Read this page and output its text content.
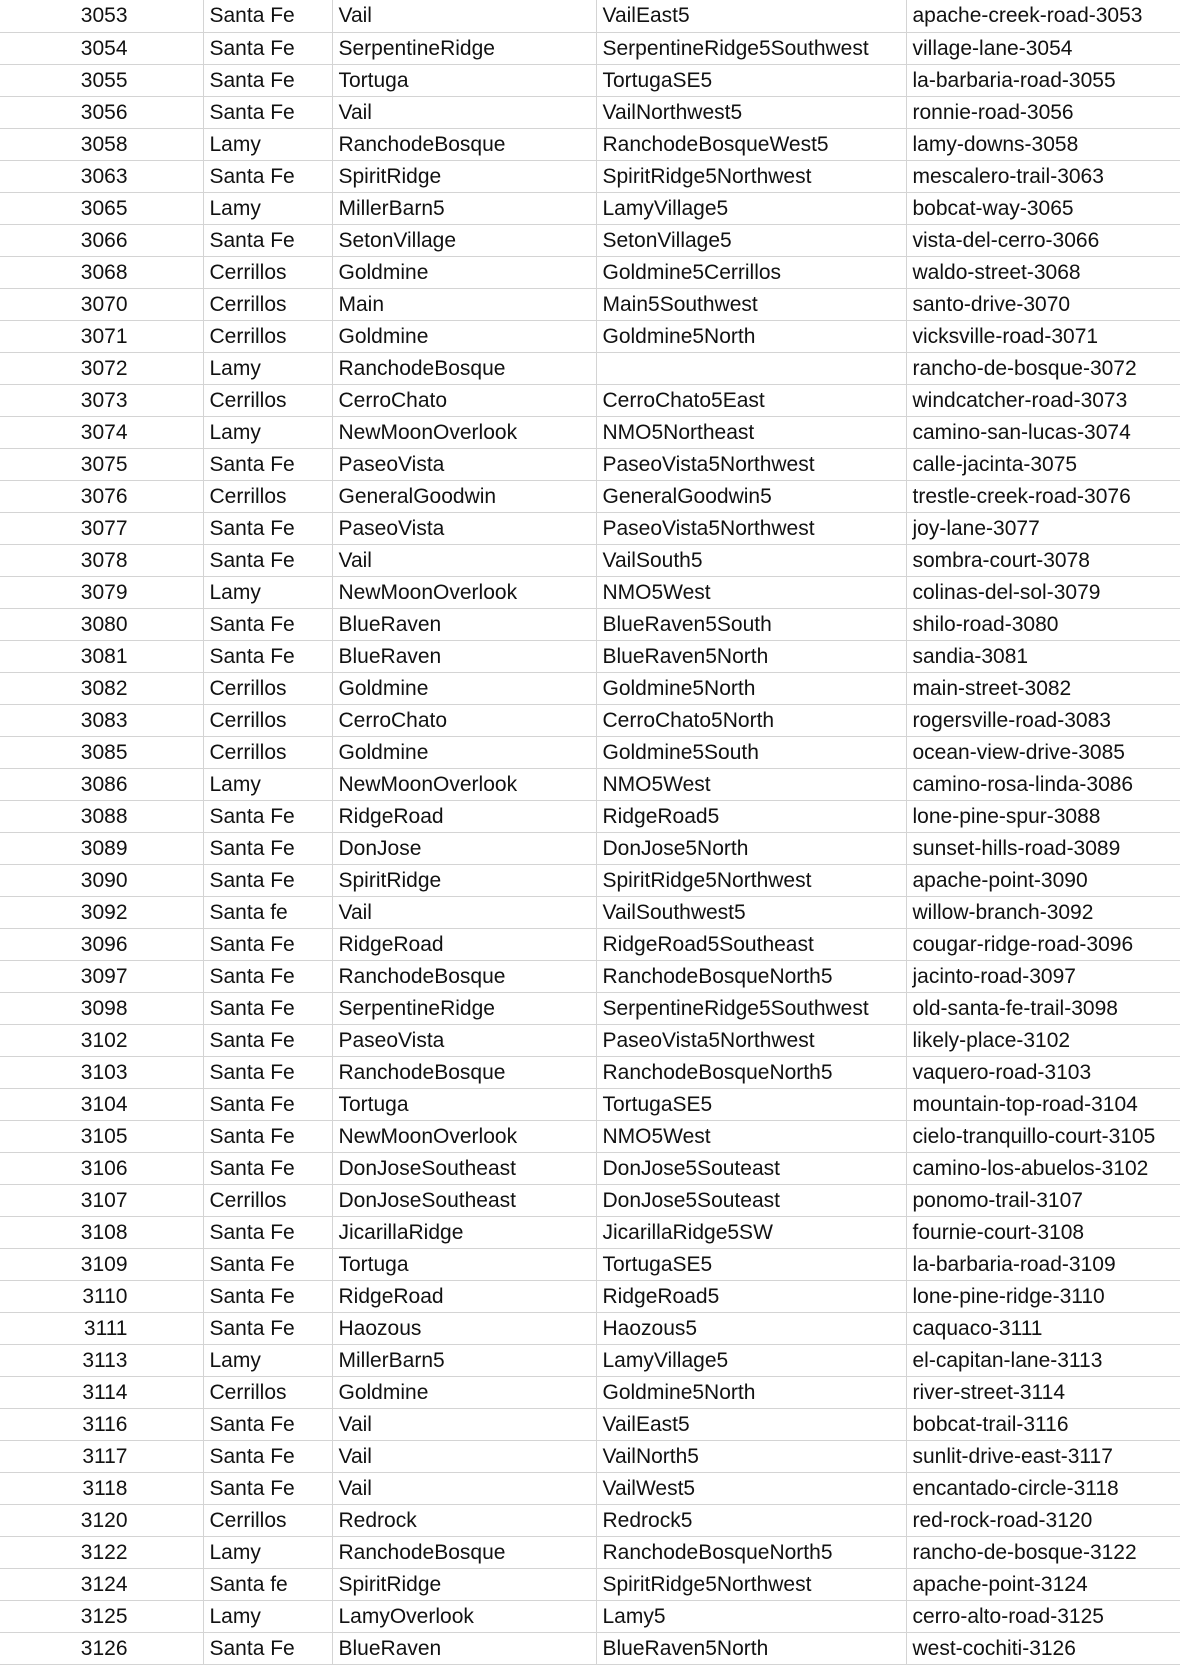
3053	Santa Fe	Vail	VailEast5	apache-creek-road-3053
3054	Santa Fe	SerpentineRidge	SerpentineRidge5Southwest	village-lane-3054
3055	Santa Fe	Tortuga	TortugaSE5	la-barbaria-road-3055
3056	Santa Fe	Vail	VailNorthwest5	ronnie-road-3056
3058	Lamy	RanchodeBosque	RanchodeBosqueWest5	lamy-downs-3058
3063	Santa Fe	SpiritRidge	SpiritRidge5Northwest	mescalero-trail-3063
3065	Lamy	MillerBarn5	LamyVillage5	bobcat-way-3065
3066	Santa Fe	SetonVillage	SetonVillage5	vista-del-cerro-3066
3068	Cerrillos	Goldmine	Goldmine5Cerrillos	waldo-street-3068
3070	Cerrillos	Main	Main5Southwest	santo-drive-3070
3071	Cerrillos	Goldmine	Goldmine5North	vicksville-road-3071
3072	Lamy	RanchodeBosque		rancho-de-bosque-3072
3073	Cerrillos	CerroChato	CerroChato5East	windcatcher-road-3073
3074	Lamy	NewMoonOverlook	NMO5Northeast	camino-san-lucas-3074
3075	Santa Fe	PaseoVista	PaseoVista5Northwest	calle-jacinta-3075
3076	Cerrillos	GeneralGoodwin	GeneralGoodwin5	trestle-creek-road-3076
3077	Santa Fe	PaseoVista	PaseoVista5Northwest	joy-lane-3077
3078	Santa Fe	Vail	VailSouth5	sombra-court-3078
3079	Lamy	NewMoonOverlook	NMO5West	colinas-del-sol-3079
3080	Santa Fe	BlueRaven	BlueRaven5South	shilo-road-3080
3081	Santa Fe	BlueRaven	BlueRaven5North	sandia-3081
3082	Cerrillos	Goldmine	Goldmine5North	main-street-3082
3083	Cerrillos	CerroChato	CerroChato5North	rogersville-road-3083
3085	Cerrillos	Goldmine	Goldmine5South	ocean-view-drive-3085
3086	Lamy	NewMoonOverlook	NMO5West	camino-rosa-linda-3086
3088	Santa Fe	RidgeRoad	RidgeRoad5	lone-pine-spur-3088
3089	Santa Fe	DonJose	DonJose5North	sunset-hills-road-3089
3090	Santa Fe	SpiritRidge	SpiritRidge5Northwest	apache-point-3090
3092	Santa fe	Vail	VailSouthwest5	willow-branch-3092
3096	Santa Fe	RidgeRoad	RidgeRoad5Southeast	cougar-ridge-road-3096
3097	Santa Fe	RanchodeBosque	RanchodeBosqueNorth5	jacinto-road-3097
3098	Santa Fe	SerpentineRidge	SerpentineRidge5Southwest	old-santa-fe-trail-3098
3102	Santa Fe	PaseoVista	PaseoVista5Northwest	likely-place-3102
3103	Santa Fe	RanchodeBosque	RanchodeBosqueNorth5	vaquero-road-3103
3104	Santa Fe	Tortuga	TortugaSE5	mountain-top-road-3104
3105	Santa Fe	NewMoonOverlook	NMO5West	cielo-tranquillo-court-3105
3106	Santa Fe	DonJoseSoutheast	DonJose5Souteast	camino-los-abuelos-3102
3107	Cerrillos	DonJoseSoutheast	DonJose5Souteast	ponomo-trail-3107
3108	Santa Fe	JicarillaRidge	JicarillaRidge5SW	fournie-court-3108
3109	Santa Fe	Tortuga	TortugaSE5	la-barbaria-road-3109
3110	Santa Fe	RidgeRoad	RidgeRoad5	lone-pine-ridge-3110
3111	Santa Fe	Haozous	Haozous5	caquaco-3111
3113	Lamy	MillerBarn5	LamyVillage5	el-capitan-lane-3113
3114	Cerrillos	Goldmine	Goldmine5North	river-street-3114
3116	Santa Fe	Vail	VailEast5	bobcat-trail-3116
3117	Santa Fe	Vail	VailNorth5	sunlit-drive-east-3117
3118	Santa Fe	Vail	VailWest5	encantado-circle-3118
3120	Cerrillos	Redrock	Redrock5	red-rock-road-3120
3122	Lamy	RanchodeBosque	RanchodeBosqueNorth5	rancho-de-bosque-3122
3124	Santa fe	SpiritRidge	SpiritRidge5Northwest	apache-point-3124
3125	Lamy	LamyOverlook	Lamy5	cerro-alto-road-3125
3126	Santa Fe	BlueRaven	BlueRaven5North	west-cochiti-3126
